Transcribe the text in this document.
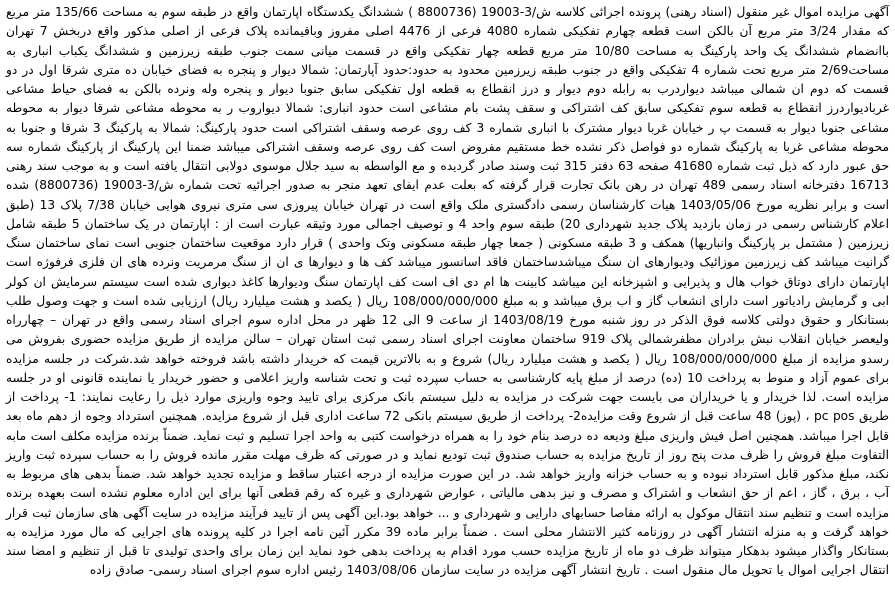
آگهی مزایده اموال غیر منقول (اسناد رهنی) پرونده اجرائی کلاسه ش/3-19003 (8800736 ) ششدانگ یکدستگاه اپارتمان واقع در طبقه سوم به مساحت 135/66 متر مربع که مقدار 3/24 متر مربع آن بالکن است قطعه چهارم تفکیکی شماره 4080 فرعی از 4476 اصلی مفروز وباقیمانده پلاک فرعی از اصلی مذکور واقع دربخش 7 تهران باانضمام ششدانگ یک واحد پارکینگ به مساحت 10/80 متر مربع قطعه چهار تفکیکی واقع در قسمت میانی سمت جنوب طبقه زیرزمین و ششدانگ یکباب انباری به مساحت2/69 متر مربع تحت شماره 4 تفکیکی واقع در جنوب طبقه زیرزمین محدود به حدود:حدود آپارتمان: شمالا دیوار و پنجره به فضای خیابان ده متری شرقا اول در دو قسمت که دوم ان شمالی میباشد دیواردرب به رابله دوم دیوار و درز انقطاع به قطعه اول تفکیکی سابق جنوبا دیوار و پنجره وله ونرده بالکن به فضای حیاط مشاعی غربادیواردرز انقطاع به قطعه سوم تفکیکی سابق کف اشتراکی و سقف پشت بام مشاعی است حدود انباری: شمالا دیواروب ر به محوطه مشاعی شرقا دیوار به محوطه مشاعی جنوبا دیوار به قسمت پ ر خیابان غربا دیوار مشترک با انباری شماره 3 کف روی عرصه وسقف اشتراکی است حدود پارکینگ: شمالا به پارکینگ 3 شرقا و جنوبا به محوطه مشاعی غربا به پارکینگ شماره دو فواصل ذکر نشده خط مستقیم مفروض است کف روی عرصه وسقف اشتراکی میباشد ضمنا این پارکینگ از پارکینگ شماره سه حق عبور دارد که ذیل ثبت شماره 41680 صفحه 63 دفتر 315 ثبت وسند صادر گردیده و مع الواسطه به سید جلال موسوی دولابی انتقال یافته است و به موجب سند رهنی 16713 دفترخانه اسناد رسمی 489 تهران در رهن بانک تجارت قرار گرفته که بعلت عدم ایفای تعهد منجر به صدور اجرائیه تحت شماره ش/3-19003 (8800736) شده است و برابر نظریه مورخ 1403/05/06 هیات کارشناسان رسمی دادگستری ملک واقع است در تهران خیابان پیروزی سی متری نیروی هوایی خیابان 7/38 پلاک 13 (طبق اعلام کارشناس رسمی در زمان بازدید پلاک جدید شهرداری 20) طبقه سوم واحد 4 و توصیف اجمالی مورد وثیقه عبارت است از : اپارتمان در یک ساختمان 5 طبقه شامل زیرزمین ( مشتمل بر پارکینگ وانباریها) همکف و 3 طبقه مسکونی ( جمعا چهار طبقه مسکونی وتک واحدی ) قرار دارد موقعیت ساختمان جنوبی است نمای ساختمان سنگ گرانیت میباشد کف زیرزمین موزائیک ودیوارهای ان سنگ میباشدساختمان فاقد اسانسور میباشد کف ها و دیوارها ی ان از سنگ مرمریت ونرده های ان فلزی فرفوژه است اپارتمان دارای دوتاق خواب هال و پذیرایی و اشپزخانه این میباشد کابینت ها ام دی اف است کف اپارتمان سنگ ودیوارها کاغذ دیواری شده است سیستم سرمایش ان کولر ابی و گرمایش رادیاتور است دارای انشعاب گاز و اب برق میباشد و به مبلغ 108/000/000/000 ریال ( یکصد و هشت میلیارد ریال) ارزیابی شده است و جهت وصول طلب بستانکار و حقوق دولتی کلاسه فوق الذکر در روز شنبه مورخ 1403/08/19 از ساعت 9 الی 12 ظهر در محل اداره سوم اجرای اسناد رسمی واقع در تهران – چهارراه ولیعصر خیابان انقلاب نبش برادران مظفرشمالی پلاک 919 ساختمان معاونت اجرای اسناد رسمی ثبت استان تهران – سالن مزایده از طریق مزایده حضوری بفروش می رسدو مزایده از مبلغ 108/000/000/000 ریال ( یکصد و هشت میلیارد ریال) شروع و به بالاترین قیمت که خریدار داشته باشد فروخته خواهد شد.شرکت در جلسه مزایده برای عموم آزاد و منوط به پرداخت 10 (ده) درصد از مبلغ پایه کارشناسی به حساب سپرده ثبت و تحت شناسه واریز اعلامی و حضور خریدار یا نماینده قانونی او در جلسه مزایده است. لذا خریدار و یا خریداران می بایست جهت شرکت در مزایده به دلیل سیستم بانک مرکزی برای تایید وجوه واریزی موارد ذیل را رعایت نمایند: 1- پرداخت از طریق pc pos ، (پوز) 48 ساعت قبل از شروع وقت مزایده2- پرداخت از طریق سیستم بانکی 72 ساعت اداری قبل از شروع مزایده. همچنین استرداد وجوه از دهم ماه بعد قابل اجرا میباشد. همچنین اصل فیش واریزی مبلغ ودیعه ده درصد بنام خود را به همراه درخواست کتبی به واحد اجرا تسلیم و ثبت نماید. ضمناً برنده مزایده مکلف است مابه التفاوت مبلغ فروش را ظرف مدت پنج روز از تاریخ مزایده به حساب صندوق ثبت تودیع نماید و در صورتی که ظرف مهلت مقرر مانده فروش را به حساب سپرده ثبت واریز نکند، مبلغ مذکور قابل استرداد نبوده و به حساب خزانه واریز خواهد شد. در این صورت مزایده از درجه اعتبار ساقط و مزایده تجدید خواهد شد. ضمناً بدهی های مربوط به آب ، برق ، گاز ، اعم از حق انشعاب و اشتراک و مصرف و نیز بدهی مالیاتی ، عوارض شهرداری و غیره که رقم قطعی آنها برای این اداره معلوم نشده است بعهده برنده مزایده است و تنظیم سند انتقال موکول به ارائه مفاصا حسابهای دارایی و شهرداری و ... خواهد بود.این آگهی پس از تایید فرآیند مزایده در سایت آگهی های سازمان ثبت قرار خواهد گرفت و به منزله انتشار آگهی در روزنامه کثیر الانتشار محلی است . ضمناً برابر ماده 39 مکرر آئین نامه اجرا در کلیه پرونده های اجرایی که مال مورد مزایده به بستانکار واگذار میشود بدهکار میتواند ظرف دو ماه از تاریخ مزایده حسب مورد اقدام به پرداخت بدهی خود نماید این زمان برای واحدی تولیدی تا قبل از تنظیم و امضا سند انتقال اجرایی اموال یا تحویل مال منقول است . تاریخ انتشار آگهی مزایده در سایت سازمان 1403/08/06 رئیس اداره سوم اجرای اسناد رسمی- صادق زاده
